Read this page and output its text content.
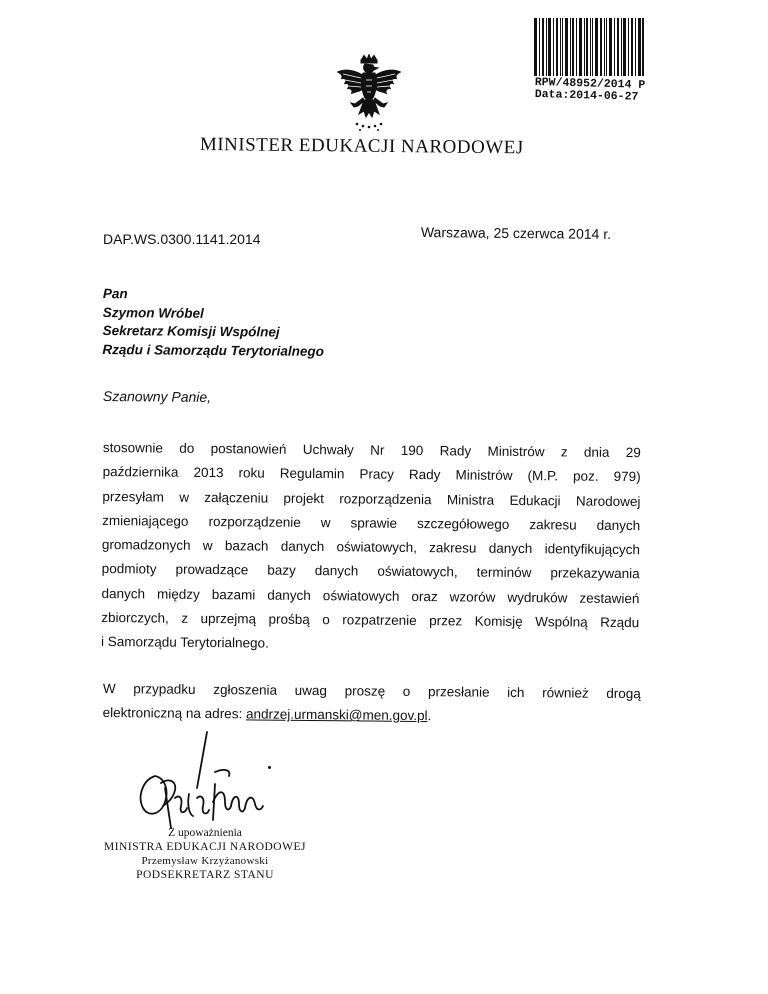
RPW/48952/2014 P
Data:2014-06-27
MINISTER EDUKACJI NARODOWEJ
DAP.WS.0300.1141.2014	Warszawa, 25 czerwca 2014 r.
Pan
Szymon Wróbel
Sekretarz Komisji Wspólnej
Rządu i Samorządu Terytorialnego
Szanowny Panie,
stosownie do postanowień Uchwały Nr 190 Rady Ministrów z dnia 29
października 2013 roku Regulamin Pracy Rady Ministrów (M.P. poz. 979)
przesyłam w załączeniu projekt rozporządzenia Ministra Edukacji Narodowej
zmieniającego rozporządzenie w sprawie szczegółowego zakresu danych
gromadzonych w bazach danych oświatowych, zakresu danych identyfikujących
podmioty prowadzące bazy danych oświatowych, terminów przekazywania
danych między bazami danych oświatowych oraz wzorów wydruków zestawień
zbiorczych, z uprzejmą prośbą o rozpatrzenie przez Komisję Wspólną Rządu
i Samorządu Terytorialnego.
W przypadku zgłoszenia uwag proszę o przesłanie ich również drogą
elektroniczną na adres: andrzej.urmanski@men.gov.pl.
Z upoważnienia
MINISTRA EDUKACJI NARODOWEJ
Przemysław Krzyżanowski
PODSEKRETARZ STANU
